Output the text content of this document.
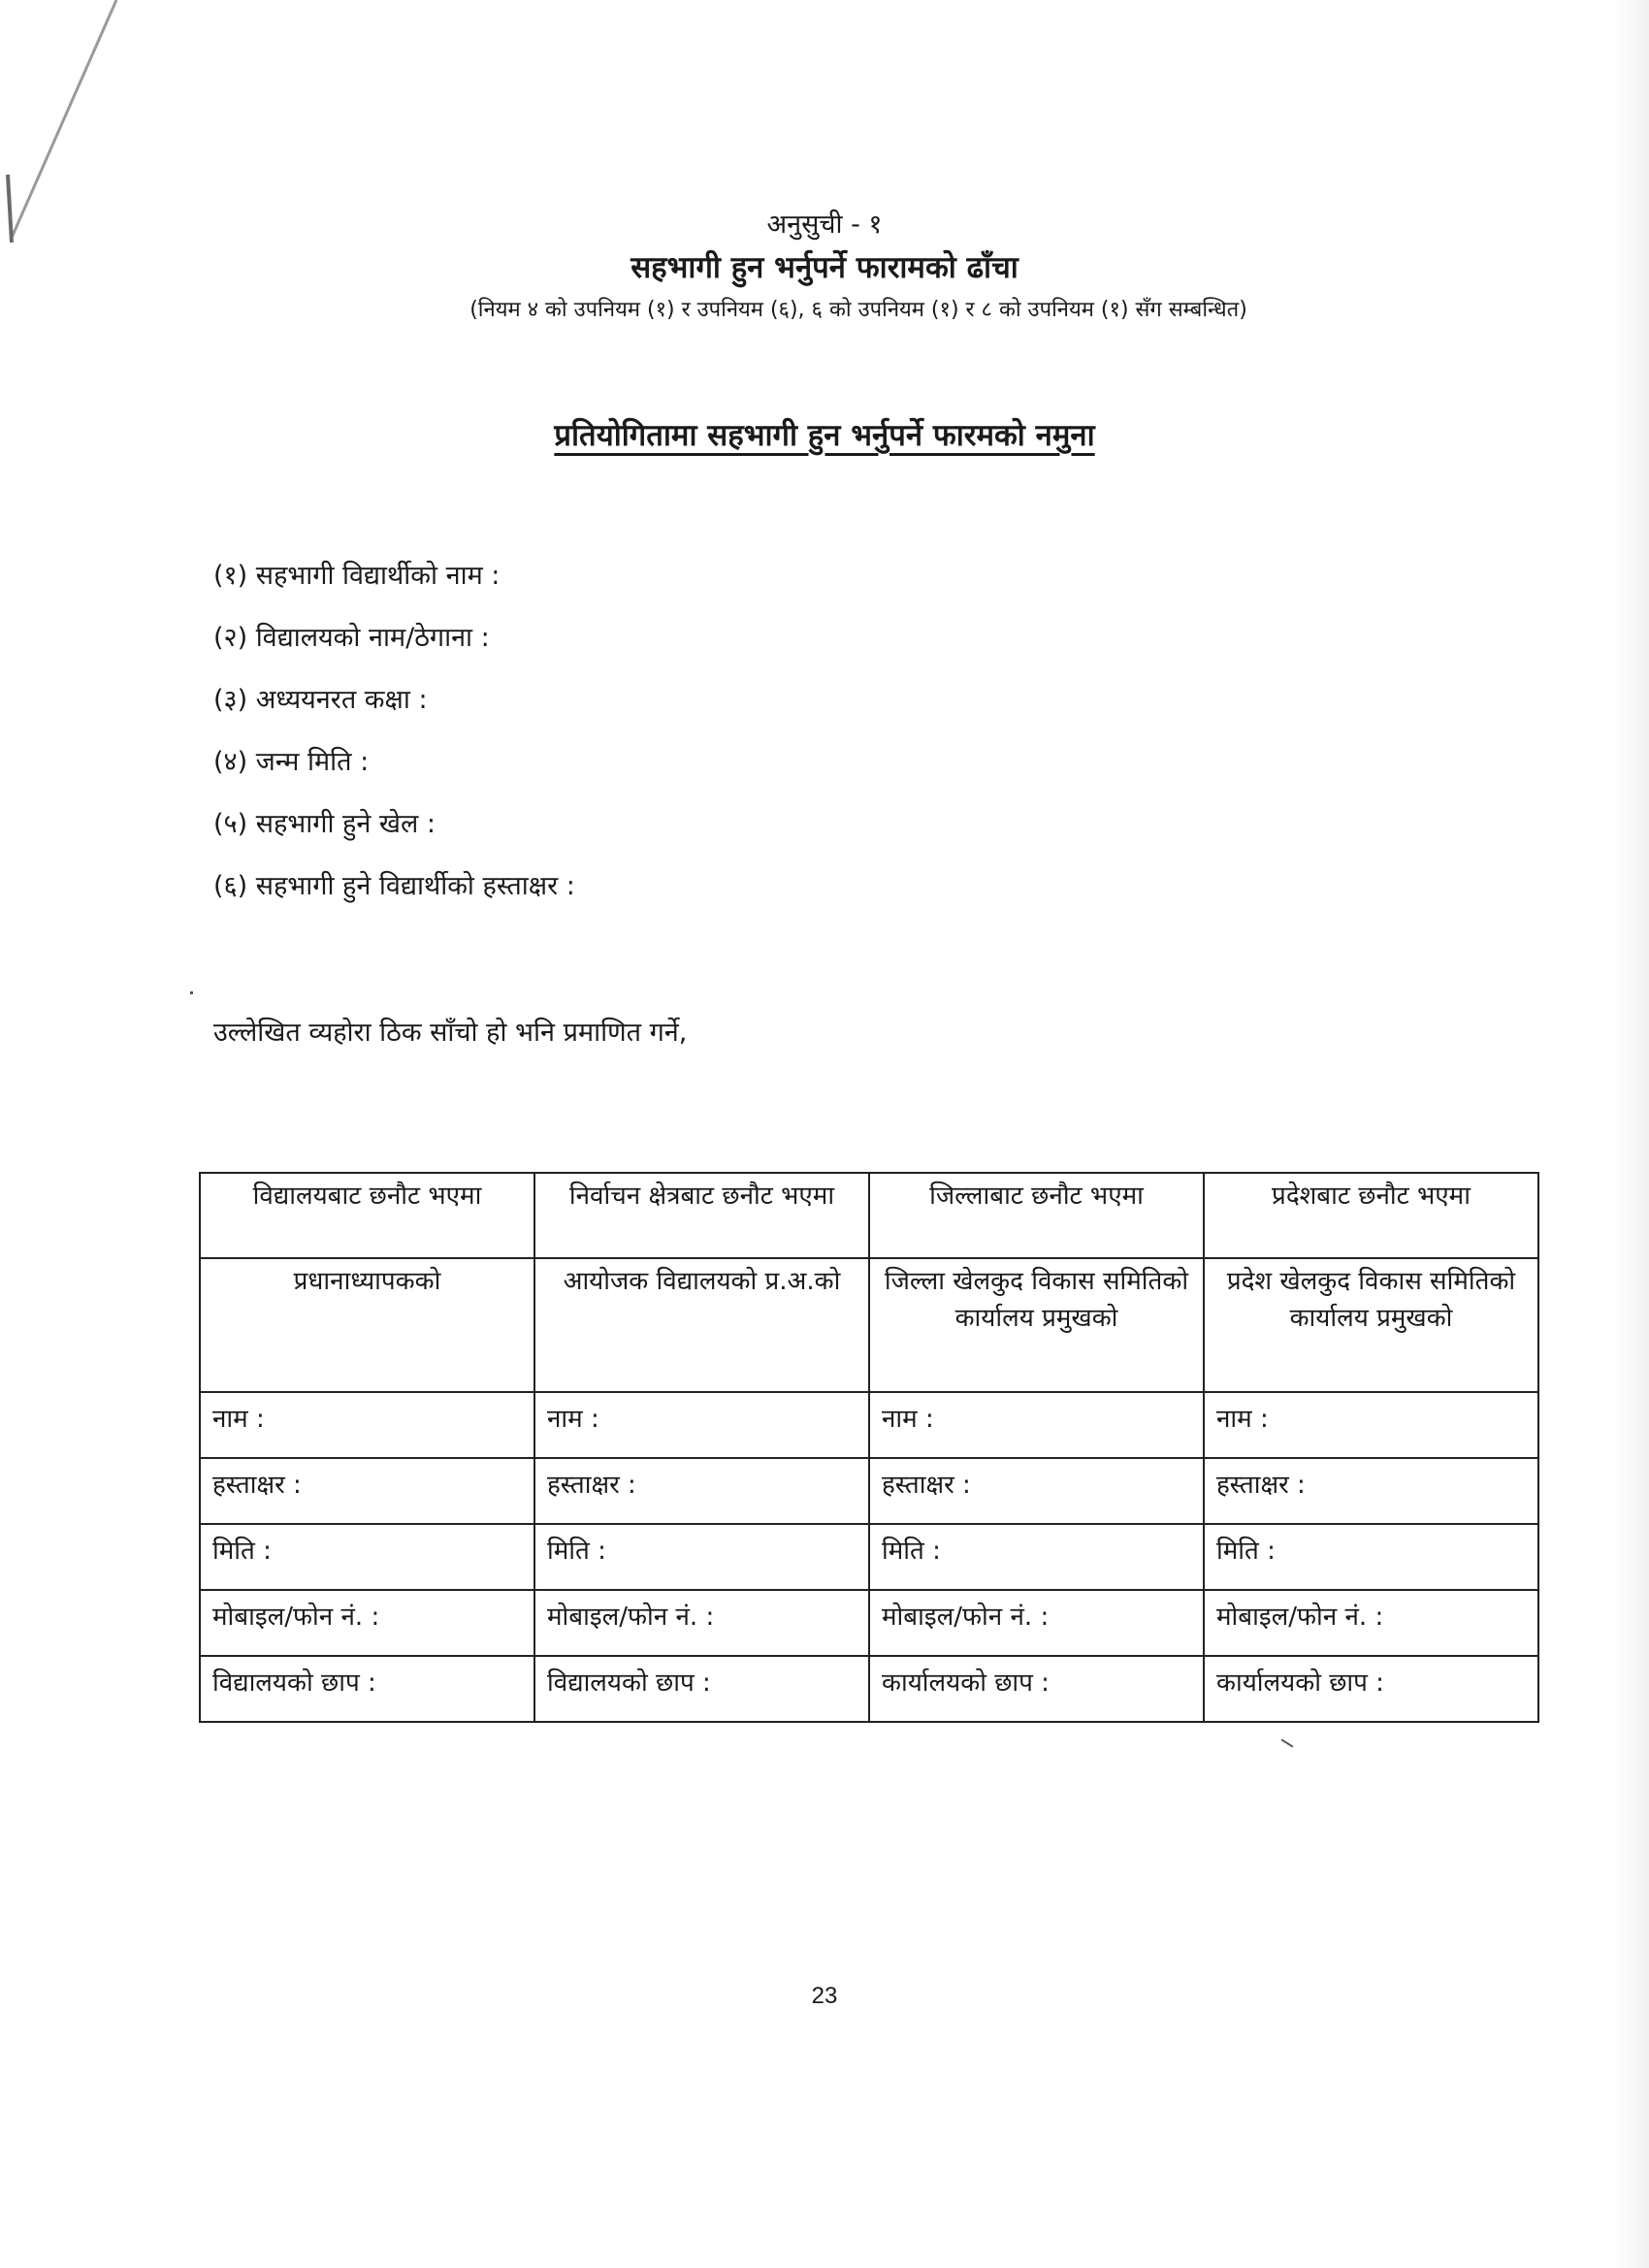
अनुसुची - १

सहभागी हुन भर्नुपर्ने फारामको ढाँचा

(नियम ४ को उपनियम (१) र उपनियम (६), ६ को उपनियम (१) र ८ को उपनियम (१) सँग सम्बन्धित)

प्रतियोगितामा सहभागी हुन भर्नुपर्ने फारमको नमुना
(१) सहभागी विद्यार्थीको नाम :
(२) विद्यालयको नाम/ठेगाना :
(३) अध्ययनरत कक्षा :
(४) जन्म मिति :
(५) सहभागी हुने खेल :
(६) सहभागी हुने विद्यार्थीको हस्ताक्षर :
उल्लेखित व्यहोरा ठिक साँचो हो भनि प्रमाणित गर्ने,
विद्यालयबाट छनौट भएमा	निर्वाचन क्षेत्रबाट छनौट भएमा	जिल्लाबाट छनौट भएमा	प्रदेशबाट छनौट भएमा
प्रधानाध्यापकको	आयोजक विद्यालयको प्र.अ.को	जिल्ला खेलकुद विकास समितिको कार्यालय प्रमुखको	प्रदेश खेलकुद विकास समितिको कार्यालय प्रमुखको
नाम :	नाम :	नाम :	नाम :
हस्ताक्षर :	हस्ताक्षर :	हस्ताक्षर :	हस्ताक्षर :
मिति :	मिति :	मिति :	मिति :
मोबाइल/फोन नं. :	मोबाइल/फोन नं. :	मोबाइल/फोन नं. :	मोबाइल/फोन नं. :
विद्यालयको छाप :	विद्यालयको छाप :	कार्यालयको छाप :	कार्यालयको छाप :
23
